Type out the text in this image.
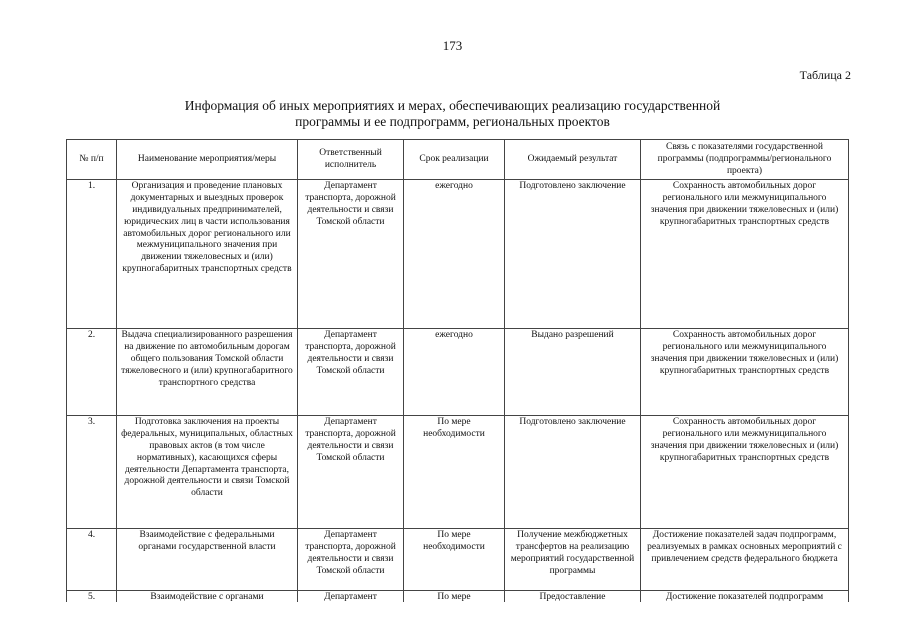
173
Таблица 2
Информация об иных мероприятиях и мерах, обеспечивающих реализацию государственной
программы и ее подпрограмм, региональных проектов
№ п/п	Наименование мероприятия/меры	Ответственный исполнитель	Срок реализации	Ожидаемый результат	Связь с показателями государственной программы (подпрограммы/регионального проекта)
1.	Организация и проведение плановых документарных и выездных проверок индивидуальных предпринимателей, юридических лиц в части использования автомобильных дорог регионального или межмуниципального значения при движении тяжеловесных и (или) крупногабаритных транспортных средств	Департамент транспорта, дорожной деятельности и связи Томской области	ежегодно	Подготовлено заключение	Сохранность автомобильных дорог регионального или межмуниципального значения при движении тяжеловесных и (или) крупногабаритных транспортных средств
2.	Выдача специализированного разрешения на движение по автомобильным дорогам общего пользования Томской области тяжеловесного и (или) крупногабаритного транспортного средства	Департамент транспорта, дорожной деятельности и связи Томской области	ежегодно	Выдано разрешений	Сохранность автомобильных дорог регионального или межмуниципального значения при движении тяжеловесных и (или) крупногабаритных транспортных средств
3.	Подготовка заключения на проекты федеральных, муниципальных, областных правовых актов (в том числе нормативных), касающихся сферы деятельности Департамента транспорта, дорожной деятельности и связи Томской области	Департамент транспорта, дорожной деятельности и связи Томской области	По мере необходимости	Подготовлено заключение	Сохранность автомобильных дорог регионального или межмуниципального значения при движении тяжеловесных и (или) крупногабаритных транспортных средств
4.	Взаимодействие с федеральными органами государственной власти	Департамент транспорта, дорожной деятельности и связи Томской области	По мере необходимости	Получение межбюджетных трансфертов на реализацию мероприятий государственной программы	Достижение показателей задач подпрограмм, реализуемых в рамках основных мероприятий с привлечением средств федерального бюджета
5.	Взаимодействие с органами	Департамент	По мере	Предоставление	Достижение показателей подпрограмм
